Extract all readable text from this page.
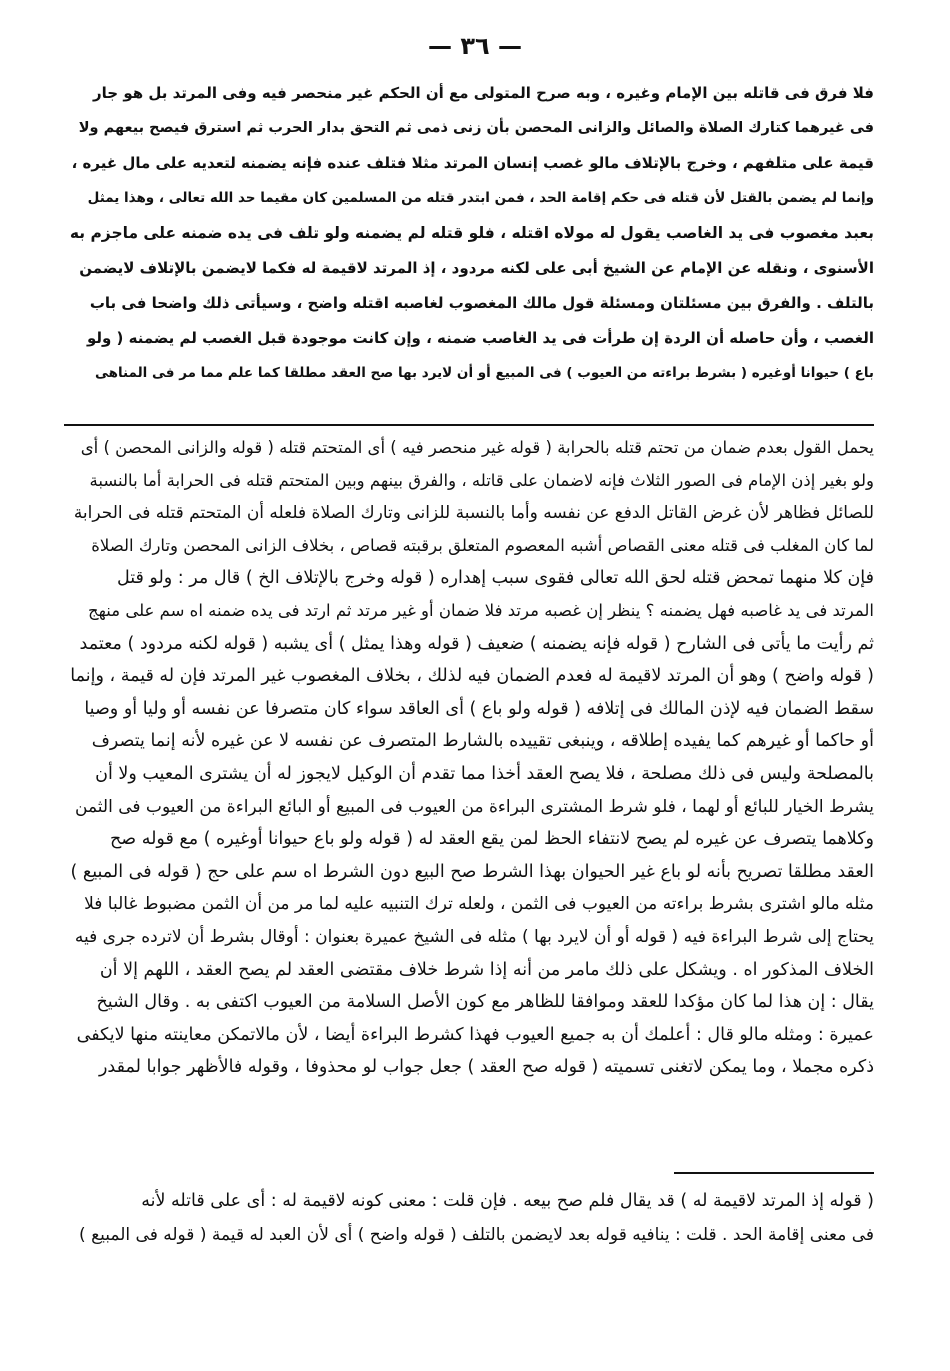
— ٣٦ —
فلا فرق فى قاتله بين الإمام وغيره ، وبه صرح المتولى مع أن الحكم غير منحصر فيه وفى المرتد بل هو جار
فى غيرهما كتارك الصلاة والصائل والزانى المحصن بأن زنى ذمى ثم التحق بدار الحرب ثم استرق فيصح بيعهم ولا
قيمة على متلفهم ، وخرج بالإتلاف مالو غصب إنسان المرتد مثلا فتلف عنده فإنه يضمنه لتعديه على مال غيره ،
وإنما لم يضمن بالقتل لأن قتله فى حكم إقامة الحد ، فمن ابتدر قتله من المسلمين كان مقيما حد الله تعالى ، وهذا يمثل
بعبد مغصوب فى يد الغاصب يقول له مولاه اقتله ، فلو قتله لم يضمنه ولو تلف فى يده ضمنه على ماجزم به
الأسنوى ، ونقله عن الإمام عن الشيخ أبى على لكنه مردود ، إذ المرتد لاقيمة له فكما لايضمن بالإتلاف لايضمن
بالتلف . والفرق بين مسئلتان ومسئلة قول مالك المغصوب لغاصبه اقتله واضح ، وسيأتى ذلك واضحا فى باب
الغصب ، وأن حاصله أن الردة إن طرأت فى يد الغاصب ضمنه ، وإن كانت موجودة قبل الغصب لم يضمنه ( ولو
باع ) حيوانا أوغيره ( بشرط براءته من العيوب ) فى المبيع أو أن لايرد بها صح العقد مطلقا كما علم مما مر فى المناهى
يحمل القول بعدم ضمان من تحتم قتله بالحرابة ( قوله غير منحصر فيه ) أى المتحتم قتله ( قوله والزانى المحصن ) أى
ولو بغير إذن الإمام فى الصور الثلاث فإنه لاضمان على قاتله ، والفرق بينهم وبين المتحتم قتله فى الحرابة أما بالنسبة
للصائل فظاهر لأن غرض القاتل الدفع عن نفسه وأما بالنسبة للزانى وتارك الصلاة فلعله أن المتحتم قتله فى الحرابة
لما كان المغلب فى قتله معنى القصاص أشبه المعصوم المتعلق برقبته قصاص ، بخلاف الزانى المحصن وتارك الصلاة
فإن كلا منهما تمحض قتله لحق الله تعالى فقوى سبب إهداره ( قوله وخرج بالإتلاف الخ ) قال مر : ولو قتل
المرتد فى يد غاصبه فهل يضمنه ؟ ينظر إن غصبه مرتد فلا ضمان أو غير مرتد ثم ارتد فى يده ضمنه اه سم على منهج
ثم رأيت ما يأتى فى الشارح ( قوله فإنه يضمنه ) ضعيف ( قوله وهذا يمثل ) أى يشبه ( قوله لكنه مردود ) معتمد
( قوله واضح ) وهو أن المرتد لاقيمة له فعدم الضمان فيه لذلك ، بخلاف المغصوب غير المرتد فإن له قيمة ، وإنما
سقط الضمان فيه لإذن المالك فى إتلافه ( قوله ولو باع ) أى العاقد سواء كان متصرفا عن نفسه أو وليا أو وصيا
أو حاكما أو غيرهم كما يفيده إطلاقه ، وينبغى تقييده بالشارط المتصرف عن نفسه لا عن غيره لأنه إنما يتصرف
بالمصلحة وليس فى ذلك مصلحة ، فلا يصح العقد أخذا مما تقدم أن الوكيل لايجوز له أن يشترى المعيب ولا أن
يشرط الخيار للبائع أو لهما ، فلو شرط المشترى البراءة من العيوب فى المبيع أو البائع البراءة من العيوب فى الثمن
وكلاهما يتصرف عن غيره لم يصح لانتفاء الحظ لمن يقع العقد له ( قوله ولو باع حيوانا أوغيره ) مع قوله صح
العقد مطلقا تصريح بأنه لو باع غير الحيوان بهذا الشرط صح البيع دون الشرط اه سم على حج ( قوله فى المبيع )
مثله مالو اشترى بشرط براءته من العيوب فى الثمن ، ولعله ترك التنبيه عليه لما مر من أن الثمن مضبوط غالبا فلا
يحتاج إلى شرط البراءة فيه ( قوله أو أن لايرد بها ) مثله فى الشيخ عميرة بعنوان : أوقال بشرط أن لاترده جرى فيه
الخلاف المذكور اه . ويشكل على ذلك مامر من أنه إذا شرط خلاف مقتضى العقد لم يصح العقد ، اللهم إلا أن
يقال : إن هذا لما كان مؤكدا للعقد وموافقا للظاهر مع كون الأصل السلامة من العيوب اكتفى به . وقال الشيخ
عميرة : ومثله مالو قال : أعلمك أن به جميع العيوب فهذا كشرط البراءة أيضا ، لأن مالاتمكن معاينته منها لايكفى
ذكره مجملا ، وما يمكن لاتغنى تسميته ( قوله صح العقد ) جعل جواب لو محذوفا ، وقوله فالأظهر جوابا لمقدر
( قوله إذ المرتد لاقيمة له ) قد يقال فلم صح بيعه . فإن قلت : معنى كونه لاقيمة له : أى على قاتله لأنه
فى معنى إقامة الحد . قلت : ينافيه قوله بعد لايضمن بالتلف ( قوله واضح ) أى لأن العبد له قيمة ( قوله فى المبيع )
